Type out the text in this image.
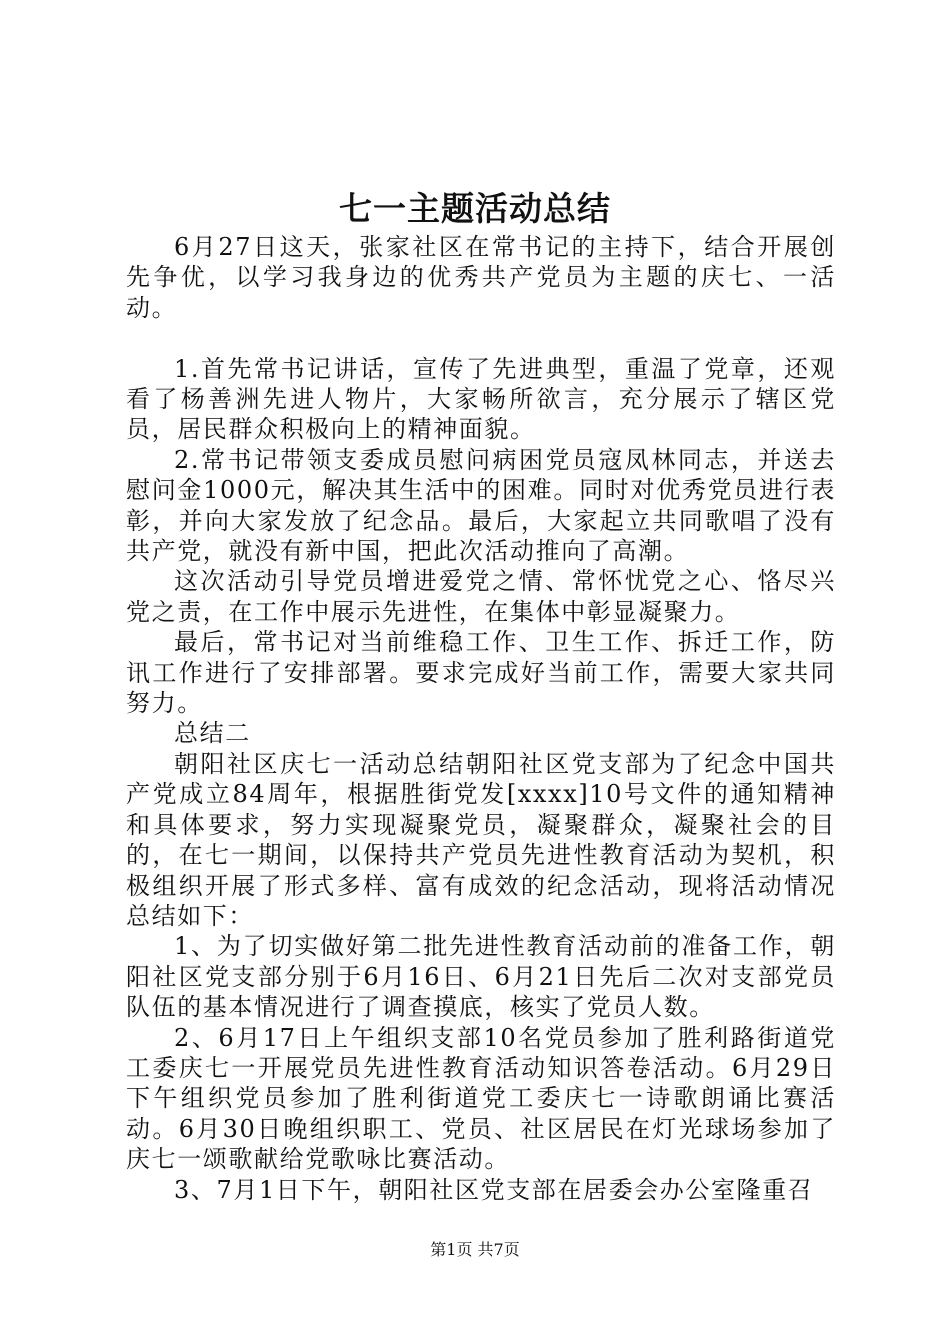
七一主题活动总结

6月27日这天，张家社区在常书记的主持下，结合开展创先争优，以学习我身边的优秀共产党员为主题的庆七、一活动。

1.首先常书记讲话，宣传了先进典型，重温了党章，还观看了杨善洲先进人物片，大家畅所欲言，充分展示了辖区党员，居民群众积极向上的精神面貌。

2.常书记带领支委成员慰问病困党员寇凤林同志，并送去慰问金1000元，解决其生活中的困难。同时对优秀党员进行表彰，并向大家发放了纪念品。最后，大家起立共同歌唱了没有共产党，就没有新中国，把此次活动推向了高潮。

这次活动引导党员增进爱党之情、常怀忧党之心、恪尽兴党之责，在工作中展示先进性，在集体中彰显凝聚力。

最后，常书记对当前维稳工作、卫生工作、拆迁工作，防讯工作进行了安排部署。要求完成好当前工作，需要大家共同努力。

总结二

朝阳社区庆七一活动总结朝阳社区党支部为了纪念中国共产党成立84周年，根据胜街党发[xxxx]10号文件的通知精神和具体要求，努力实现凝聚党员，凝聚群众，凝聚社会的目的，在七一期间，以保持共产党员先进性教育活动为契机，积极组织开展了形式多样、富有成效的纪念活动，现将活动情况总结如下：

1、为了切实做好第二批先进性教育活动前的准备工作，朝阳社区党支部分别于6月16日、6月21日先后二次对支部党员队伍的基本情况进行了调查摸底，核实了党员人数。

2、6月17日上午组织支部10名党员参加了胜利路街道党工委庆七一开展党员先进性教育活动知识答卷活动。6月29日下午组织党员参加了胜利街道党工委庆七一诗歌朗诵比赛活动。6月30日晚组织职工、党员、社区居民在灯光球场参加了庆七一颂歌献给党歌咏比赛活动。

3、7月1日下午，朝阳社区党支部在居委会办公室隆重召

第1页 共7页
